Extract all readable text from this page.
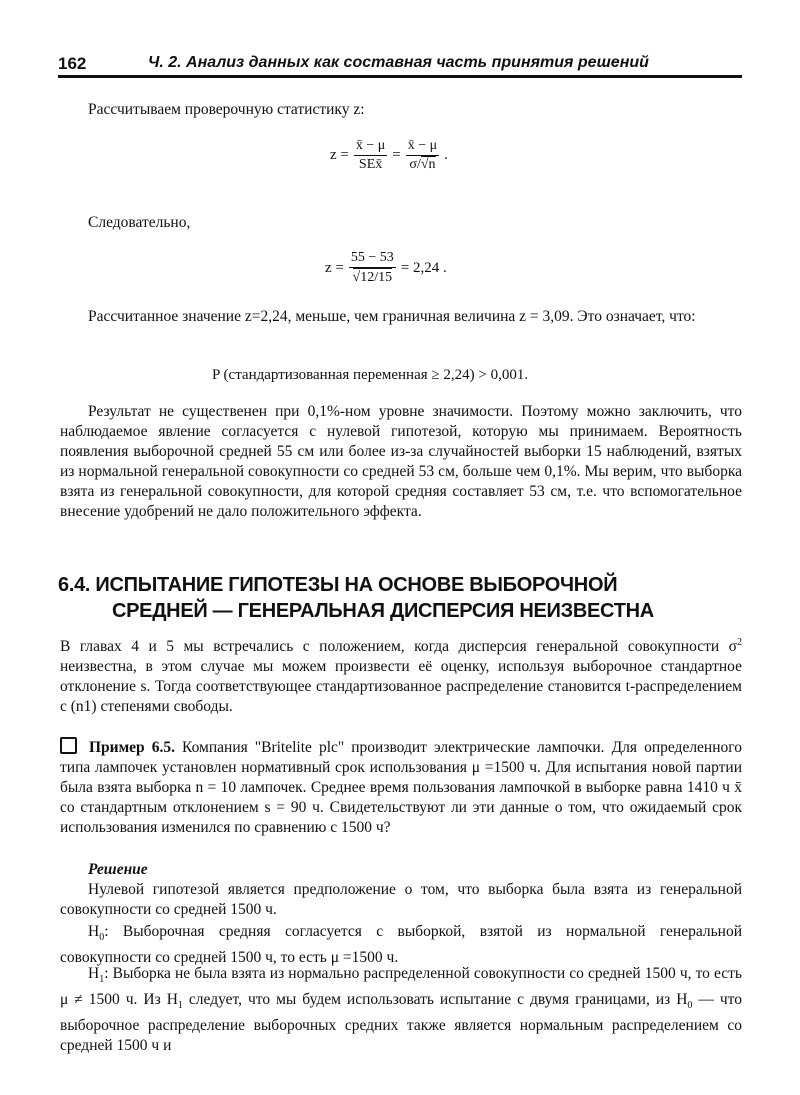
162	Ч. 2. Анализ данных как составная часть принятия решений
Рассчитываем проверочную статистику z:
$z = \frac{x̄ - \mu}{\text{SEx̄}} = \frac{x̄ - \mu}{\sigma/√n}$ .
Следовательно,
$z = \frac{55 - 53}{√12/15} = 2,24$ .
Рассчитанное значение z=2,24, меньше, чем граничная величина z = 3,09. Это означает, что:
P (стандартизованная переменная ≥ 2,24) > 0,001.
Результат не существенен при 0,1%-ном уровне значимости. Поэтому можно заключить, что наблюдаемое явление согласуется с нулевой гипотезой, которую мы принимаем. Вероятность появления выборочной средней 55 см или более из-за случайностей выборки 15 наблюдений, взятых из нормальной генеральной совокупности со средней 53 см, больше чем 0,1%. Мы верим, что выборка взята из генеральной совокупности, для которой средняя составляет 53 см, т.е. что вспомогательное внесение удобрений не дало положительного эффекта.
6.4. ИСПЫТАНИЕ ГИПОТЕЗЫ НА ОСНОВЕ ВЫБОРОЧНОЙ
СРЕДНЕЙ — ГЕНЕРАЛЬНАЯ ДИСПЕРСИЯ НЕИЗВЕСТНА
В главах 4 и 5 мы встречались с положением, когда дисперсия генеральной совокупности $\sigma^2$ неизвестна, в этом случае мы можем произвести её оценку, используя выборочное стандартное отклонение s. Тогда соответствующее стандартизованное распределение становится t-распределением с (n1) степенями свободы.
Пример 6.5. Компания "Britelite plc" производит электрические лампочки. Для определенного типа лампочек установлен нормативный срок использования μ =1500 ч. Для испытания новой партии была взята выборка n = 10 лампочек. Среднее время пользования лампочкой в выборке равна 1410 ч x̄ со стандартным отклонением s = 90 ч. Свидетельствуют ли эти данные о том, что ожидаемый срок использования изменился по сравнению с 1500 ч?
Решение
Нулевой гипотезой является предположение о том, что выборка была взята из генеральной совокупности со средней 1500 ч.
$H_0$: Выборочная средняя согласуется с выборкой, взятой из нормальной генеральной совокупности со средней 1500 ч, то есть μ =1500 ч.
$H_1$: Выборка не была взята из нормально распределенной совокупности со средней 1500 ч, то есть μ ≠ 1500 ч. Из $H_1$ следует, что мы будем использовать испытание с двумя границами, из $H_0$ — что выборочное распределение выборочных средних также является нормальным распределением со средней 1500 ч и
